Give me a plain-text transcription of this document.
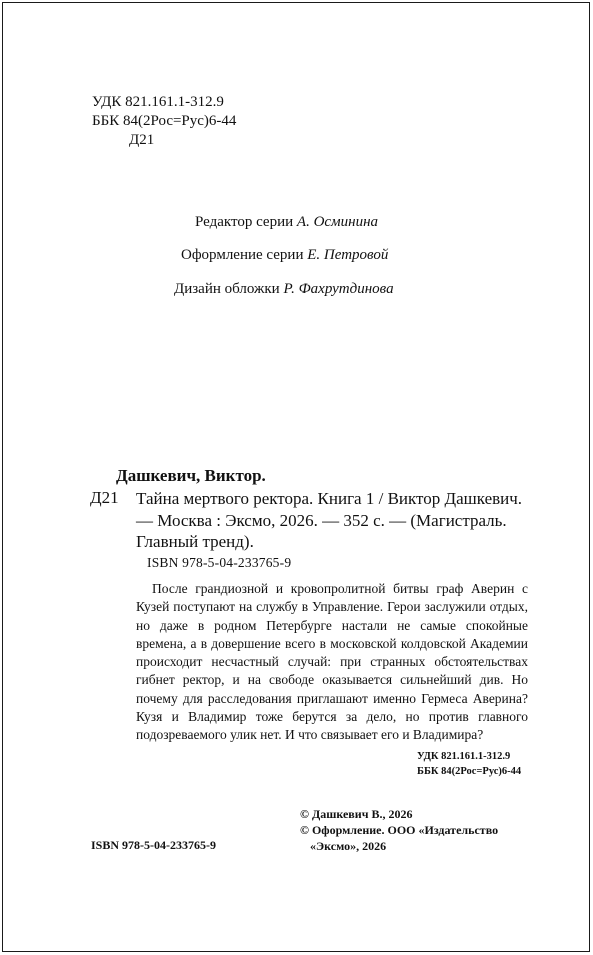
УДК 821.161.1-312.9
ББК 84(2Рос=Рус)6-44
Д21
Редактор серии А. Осминина
Оформление серии Е. Петровой
Дизайн обложки Р. Фахрутдинова
Дашкевич, Виктор.
Д21 Тайна мертвого ректора. Книга 1 / Виктор Дашкевич. — Москва : Эксмо, 2026. — 352 с. — (Магистраль. Главный тренд).
ISBN 978-5-04-233765-9
После грандиозной и кровопролитной битвы граф Аверин с Кузей поступают на службу в Управление. Герои заслужили отдых, но даже в родном Петербурге настали не самые спокойные времена, а в довершение всего в московской колдовской Академии происходит несчастный случай: при странных обстоятельствах гибнет ректор, и на свободе оказывается сильнейший див. Но почему для расследования приглашают именно Гермеса Аверина? Кузя и Владимир тоже берутся за дело, но против главного подозреваемого улик нет. И что связывает его и Владимира?
УДК 821.161.1-312.9
ББК 84(2Рос=Рус)6-44
ISBN 978-5-04-233765-9
© Дашкевич В., 2026
© Оформление. ООО «Издательство
«Эксмо», 2026
